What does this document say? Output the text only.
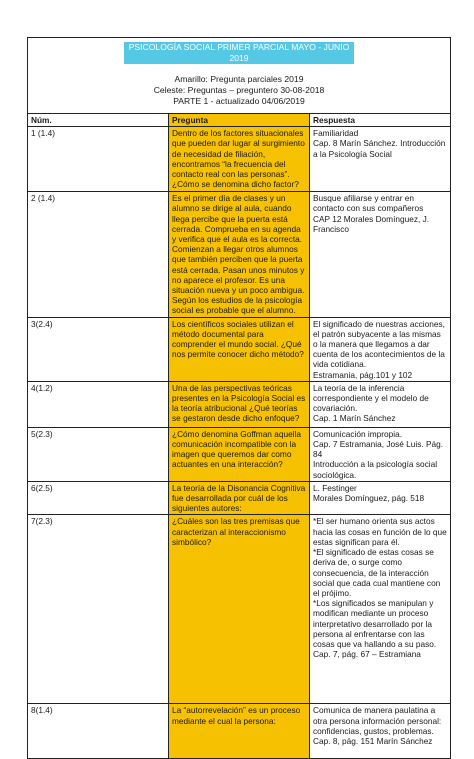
PSICOLOGÍA SOCIAL PRIMER PARCIAL MAYO - JUNIO
2019
Amarillo: Pregunta parciales 2019
Celeste: Preguntas – preguntero 30-08-2018
PARTE 1 - actualizado 04/06/2019		

Núm.	Pregunta	Respuesta
1 (1.4)	Dentro de los factores situacionales que pueden dar lugar al surgimiento de necesidad de filiación, encontramos “la frecuencia del contacto real con las personas”. ¿Cómo se denomina dicho factor?	Familiaridad
Cap. 8 Marín Sánchez. Introducción a la Psicología Social

2 (1.4)	Es el primer día de clases y un alumno se dirige al aula, cuando llega percibe que la puerta está cerrada. Comprueba en su agenda y verifica que el aula es la correcta. Comienzan a llegar otros alumnos que también perciben que la puerta está cerrada. Pasan unos minutos y no aparece el profesor. Es una situación nueva y un poco ambigua. Según los estudios de la psicología social es probable que el alumno.	Busque afiliarse y entrar en contacto con sus compañeros
CAP 12 Morales Domínguez, J. Francisco

3(2.4)	Los científicos sociales utilizan el método documental para comprender el mundo social. ¿Qué nos permite conocer dicho método?	El significado de nuestras acciones, el patrón subyacente a las mismas o la manera que llegamos a dar cuenta de los acontecimientos de la vida cotidiana.
Estramania, pág.101 y 102

4(1.2)	Una de las perspectivas teóricas presentes en la Psicología Social es la teoría atribucional ¿Qué teorías se gestaron desde dicho enfoque?	La teoría de la inferencia correspondiente y el modelo de covariación.
Cap. 1 Marín Sánchez

5(2.3)	¿Cómo denomina Goffman aquella comunicación incompatible con la imagen que queremos dar como actuantes en una interacción?	Comunicación impropia.
Cap. 7 Estramania, José Luis. Pág. 84
Introducción a la psicología social sociológica.

6(2.5)	La teoría de la Disonancia Cognitiva fue desarrollada por cuál de los siguientes autores:	L. Festinger
Morales Domínguez, pág. 518

7(2.3)	¿Cuáles son las tres premisas que caracterizan al interaccionismo simbólico?	*El ser humano orienta sus actos hacia las cosas en función de lo que estas significan para él.
*El significado de estas cosas se deriva de, o surge como consecuencia, de la interacción social que cada cual mantiene con el prójimo.
*Los significados se manipulan y modifican mediante un proceso interpretativo desarrollado por la persona al enfrentarse con las cosas que va hallando a su paso.
Cap. 7, pág. 67 – Estramiana

8(1.4)	La “autorrevelación” es un proceso mediante el cual la persona:	Comunica de manera paulatina a otra persona información personal: confidencias, gustos, problemas.
Cap. 8, pág. 151 Marín Sánchez
